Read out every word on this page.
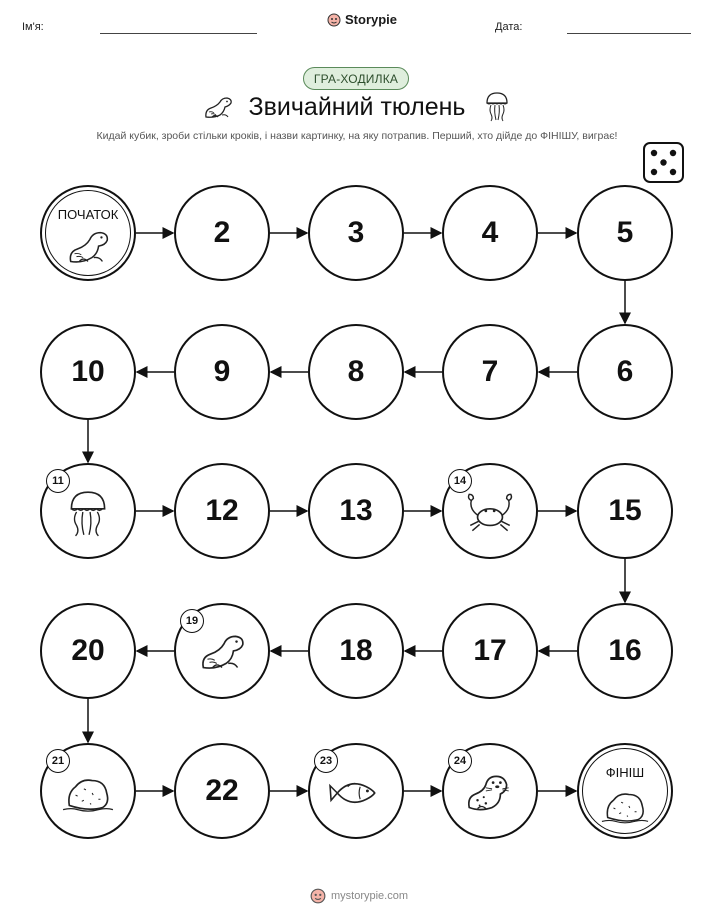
Ім'я:	Storypie	Дата:
ГРА-ХОДИЛКА
Звичайний тюлень
Кидай кубик, зроби стільки кроків, і назви картинку, на яку потрапив. Перший, хто дійде до ФІНІШУ, виграє!
ПОЧАТОК
2	3	4	5
6
7
8
9
10
11
12	13
14
15
16
17
18
19
20
21
22
23	24
ФІНІШ
mystorypie.com
